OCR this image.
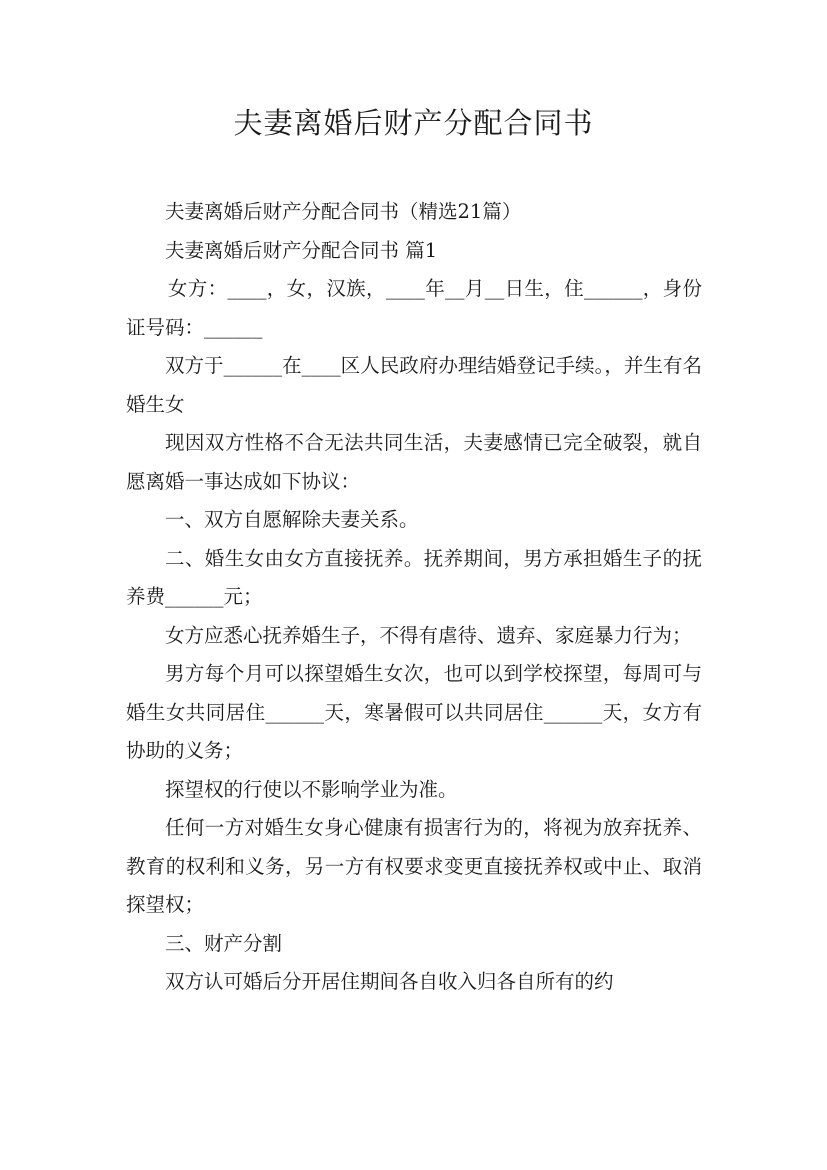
夫妻离婚后财产分配合同书

夫妻离婚后财产分配合同书（精选21篇）

夫妻离婚后财产分配合同书 篇1

女方：____，女，汉族，____年__月__日生，住______，身份证号码：______

双方于______在____区人民政府办理结婚登记手续。，并生有名婚生女

现因双方性格不合无法共同生活，夫妻感情已完全破裂，就自愿离婚一事达成如下协议：

一、双方自愿解除夫妻关系。

二、婚生女由女方直接抚养。抚养期间，男方承担婚生子的抚养费______元；

女方应悉心抚养婚生子，不得有虐待、遗弃、家庭暴力行为；

男方每个月可以探望婚生女次，也可以到学校探望，每周可与婚生女共同居住______天，寒暑假可以共同居住______天，女方有协助的义务；

探望权的行使以不影响学业为准。

任何一方对婚生女身心健康有损害行为的，将视为放弃抚养、教育的权利和义务，另一方有权要求变更直接抚养权或中止、取消探望权；

三、财产分割

双方认可婚后分开居住期间各自收入归各自所有的约
